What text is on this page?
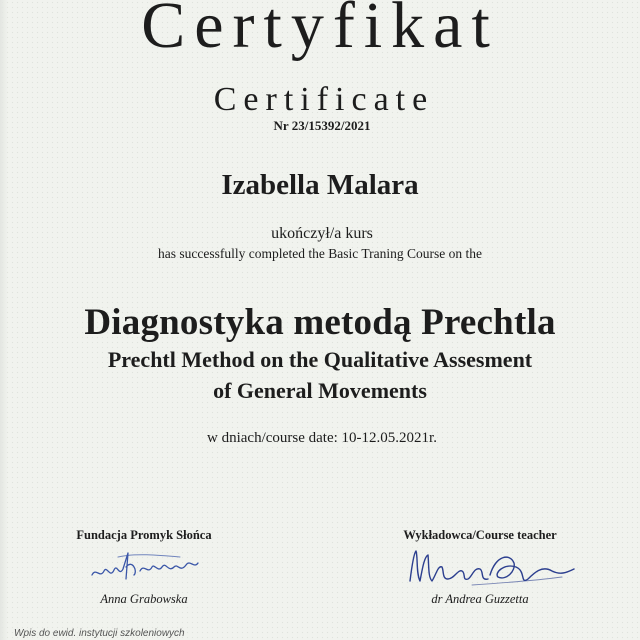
Certyfikat
Certificate
Nr 23/15392/2021
Izabella Malara
ukończył/a kurs
has successfully completed the Basic Traning Course on the
Diagnostyka metodą Prechtla
Prechtl Method on the Qualitative Assesment
of General Movements
w dniach/course date: 10-12.05.2021r.
Fundacja Promyk Słońca
Anna Grabowska
Wykładowca/Course teacher
dr Andrea Guzzetta
Wpis do ewid. instytucji szkoleniowych
